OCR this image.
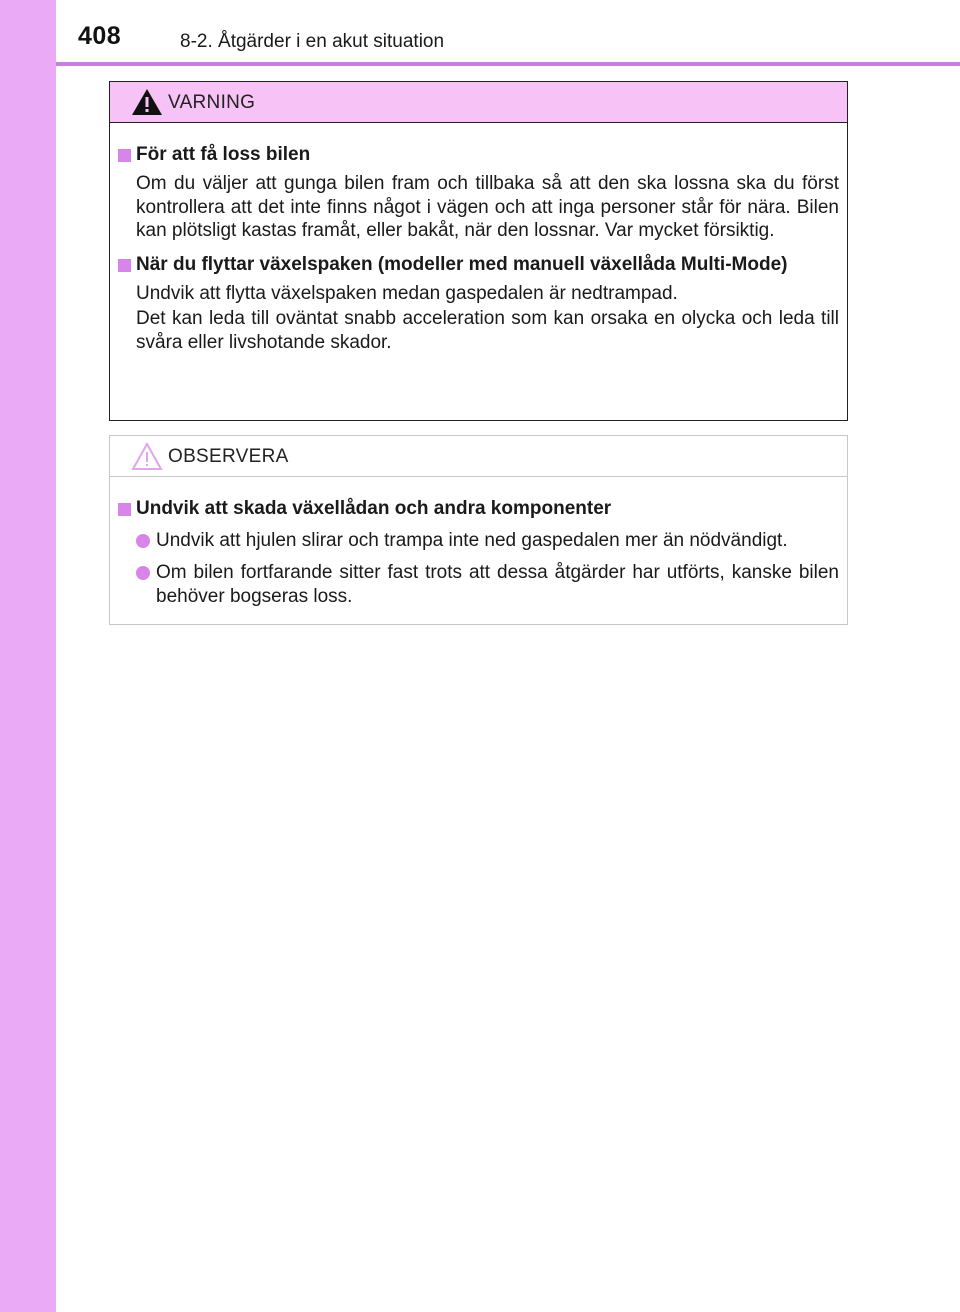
408	8-2. Åtgärder i en akut situation
VARNING
För att få loss bilen
Om du väljer att gunga bilen fram och tillbaka så att den ska lossna ska du först kontrollera att det inte finns något i vägen och att inga personer står för nära. Bilen kan plötsligt kastas framåt, eller bakåt, när den lossnar. Var mycket försiktig.
När du flyttar växelspaken (modeller med manuell växellåda Multi-Mode)
Undvik att flytta växelspaken medan gaspedalen är nedtrampad.
Det kan leda till oväntat snabb acceleration som kan orsaka en olycka och leda till svåra eller livshotande skador.
OBSERVERA
Undvik att skada växellådan och andra komponenter
Undvik att hjulen slirar och trampa inte ned gaspedalen mer än nödvändigt.
Om bilen fortfarande sitter fast trots att dessa åtgärder har utförts, kanske bilen behöver bogseras loss.
